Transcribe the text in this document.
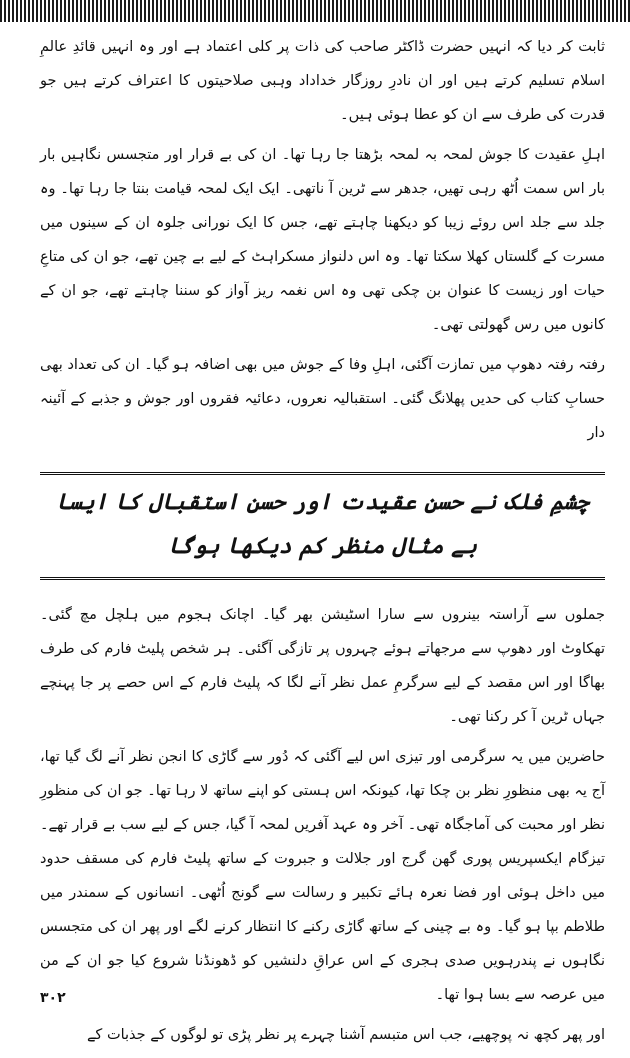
ثابت کر دیا کہ انہیں حضرت ڈاکٹر صاحب کی ذات پر کلی اعتماد ہے اور وہ انہیں قائدِ عالمِ اسلام تسلیم کرتے ہیں اور ان نادرِ روزگار خداداد وہبی صلاحیتوں کا اعتراف کرتے ہیں جو قدرت کی طرف سے ان کو عطا ہوئی ہیں۔

اہلِ عقیدت کا جوش لمحہ بہ لمحہ بڑھتا جا رہا تھا۔ ان کی بے قرار اور متجسس نگاہیں بار بار اس سمت اُٹھ رہی تھیں، جدھر سے ٹرین آ ناتھی۔ ایک ایک لمحہ قیامت بنتا جا رہا تھا۔ وہ جلد سے جلد اس روئے زیبا کو دیکھنا چاہتے تھے، جس کا ایک نورانی جلوہ ان کے سینوں میں مسرت کے گلستاں کھلا سکتا تھا۔ وہ اس دلنواز مسکراہٹ کے لیے بے چین تھے، جو ان کی متاعِ حیات اور زیست کا عنوان بن چکی تھی وہ اس نغمہ ریز آواز کو سننا چاہتے تھے، جو ان کے کانوں میں رس گھولتی تھی۔

رفتہ رفتہ دھوپ میں تمازت آگئی، اہلِ وفا کے جوش میں بھی اضافہ ہو گیا۔ ان کی تعداد بھی حسابِ کتاب کی حدیں پھلانگ گئی۔ استقبالیہ نعروں، دعائیہ فقروں اور جوش و جذبے کے آئینہ دار

چشمِ فلک نے حسنِ عقیدت اور حسنِ استقبال کا ایسا بے مثال منظر کم دیکھا ہوگا

جملوں سے آراستہ بینروں سے سارا اسٹیشن بھر گیا۔ اچانک ہجوم میں ہلچل مچ گئی۔ تھکاوٹ اور دھوپ سے مرجھاتے ہوئے چہروں پر تازگی آگئی۔ ہر شخص پلیٹ فارم کی طرف بھاگا اور اس مقصد کے لیے سرگرمِ عمل نظر آنے لگا کہ پلیٹ فارم کے اس حصے پر جا پہنچے جہاں ٹرین آ کر رکنا تھی۔

حاضرین میں یہ سرگرمی اور تیزی اس لیے آگئی کہ دُور سے گاڑی کا انجن نظر آنے لگ گیا تھا، آج یہ بھی منظورِ نظر بن چکا تھا، کیونکہ اس ہستی کو اپنے ساتھ لا رہا تھا۔ جو ان کی منظورِ نظر اور محبت کی آماجگاہ تھی۔ آخر وہ عہد آفریں لمحہ آ گیا، جس کے لیے سب بے قرار تھے۔ تیزگام ایکسپریس پوری گھن گرج اور جلالت و جبروت کے ساتھ پلیٹ فارم کی مسقف حدود میں داخل ہوئی اور فضا نعرہ ہائے تکبیر و رسالت سے گونج اُٹھی۔ انسانوں کے سمندر میں طلاطم بپا ہو گیا۔ وہ بے چینی کے ساتھ گاڑی رکنے کا انتظار کرنے لگے اور پھر ان کی متجسس نگاہوں نے پندرہویں صدی ہجری کے اس عراقِ دلنشیں کو ڈھونڈنا شروع کیا جو ان کے من میں عرصہ سے بسا ہوا تھا۔

اور پھر کچھ نہ پوچھیے، جب اس متبسم آشنا چہرے پر نظر پڑی تو لوگوں کے جذبات کے

۳۰۲
